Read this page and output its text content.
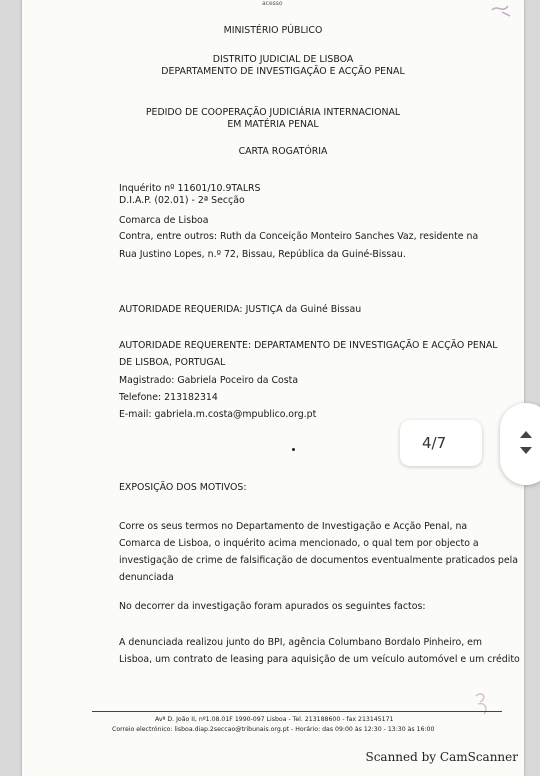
acesso
MINISTÉRIO PÚBLICO
DISTRITO JUDICIAL DE LISBOA
DEPARTAMENTO DE INVESTIGAÇÃO E ACÇÃO PENAL
PEDIDO DE COOPERAÇÃO JUDICIÁRIA INTERNACIONAL
EM MATÉRIA PENAL
CARTA ROGATÓRIA
Inquérito nº 11601/10.9TALRS
D.I.A.P. (02.01) - 2ª Secção
Comarca de Lisboa
Contra, entre outros: Ruth da Conceição Monteiro Sanches Vaz, residente na
Rua Justino Lopes, n.º 72, Bissau, República da Guiné-Bissau.
AUTORIDADE REQUERIDA: JUSTIÇA da Guiné Bissau
AUTORIDADE REQUERENTE: DEPARTAMENTO DE INVESTIGAÇÃO E ACÇÃO PENAL
DE LISBOA, PORTUGAL
Magistrado: Gabriela Poceiro da Costa
Telefone: 213182314
E-mail: gabriela.m.costa@mpublico.org.pt
EXPOSIÇÃO DOS MOTIVOS:
Corre os seus termos no Departamento de Investigação e Acção Penal, na
Comarca de Lisboa, o inquérito acima mencionado, o qual tem por objecto a
investigação de crime de falsificação de documentos eventualmente praticados pela
denunciada
No decorrer da investigação foram apurados os seguintes factos:
A denunciada realizou junto do BPI, agência Columbano Bordalo Pinheiro, em
Lisboa, um contrato de leasing para aquisição de um veículo automóvel e um crédito
Avª D. João II, nº1.08.01F 1990-097 Lisboa - Tel. 213188600 - fax 213145171
Correio electrónico: lisboa.diap.2seccao@tribunais.org.pt - Horário: das 09:00 às 12:30 - 13:30 às 16:00
Scanned by CamScanner
4/7
